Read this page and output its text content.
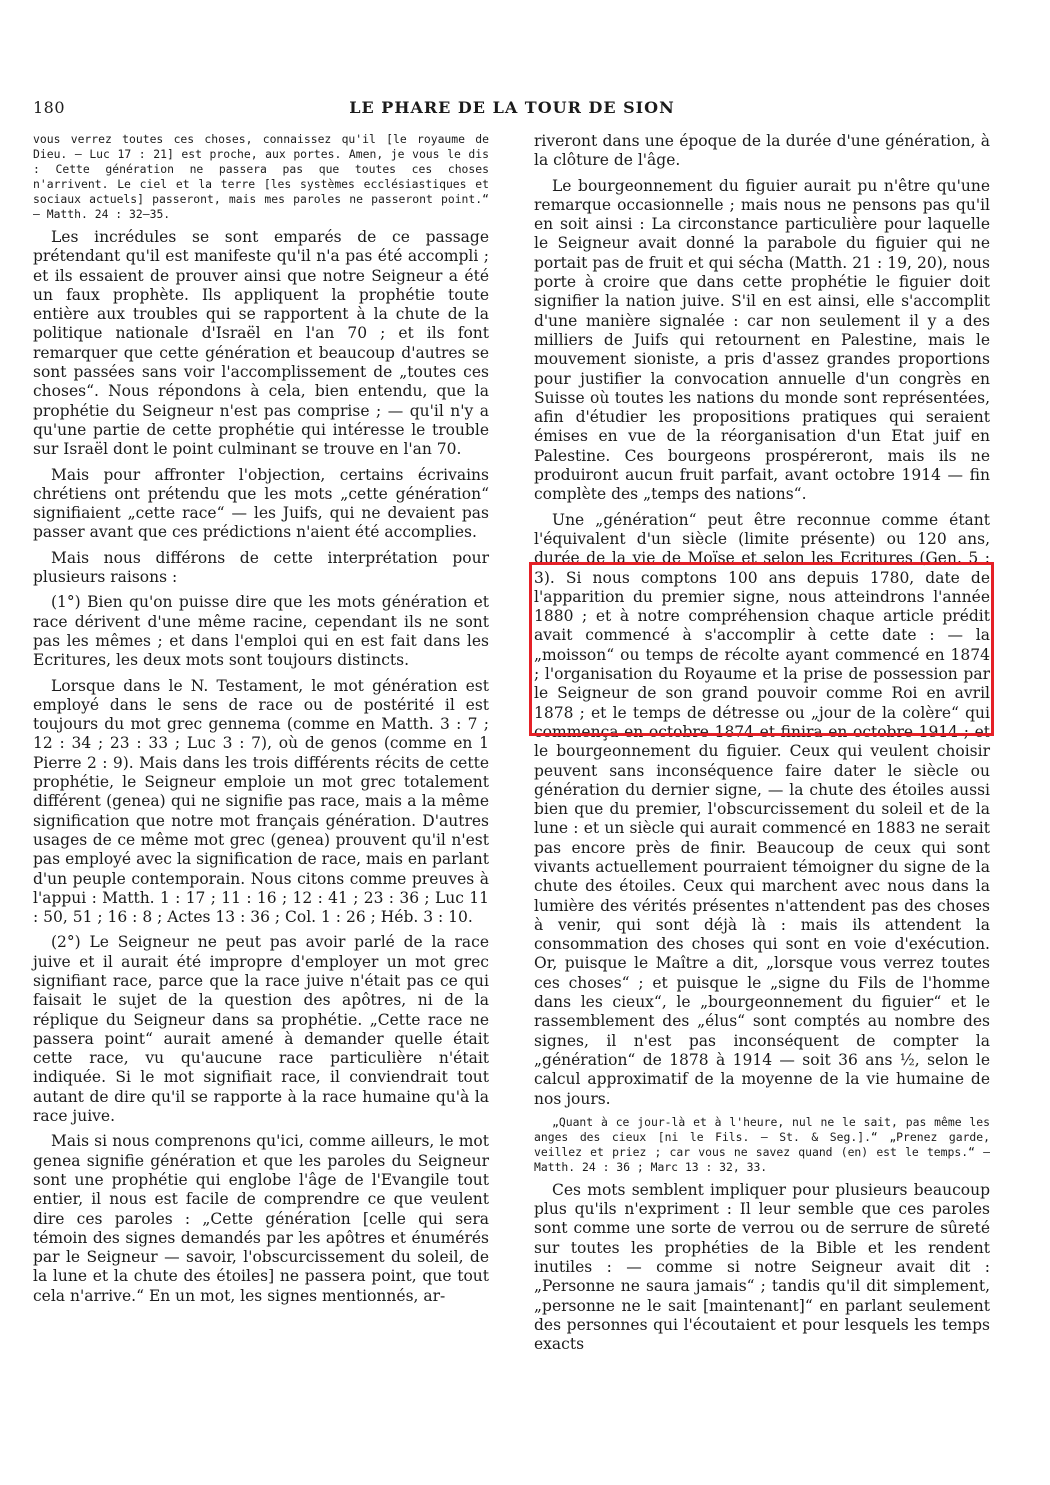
180	LE PHARE DE LA TOUR DE SION

vous verrez toutes ces choses, connaissez qu'il [le royaume de Dieu. — Luc 17 : 21] est proche, aux portes. Amen, je vous le dis : Cette génération ne passera pas que toutes ces choses n'arrivent. Le ciel et la terre [les systèmes ecclésiastiques et sociaux actuels] passeront, mais mes paroles ne passeront point.“ — Matth. 24 : 32—35.

Les incrédules se sont emparés de ce passage prétendant qu'il est manifeste qu'il n'a pas été accompli ; et ils essaient de prouver ainsi que notre Seigneur a été un faux prophète. Ils appliquent la prophétie toute entière aux troubles qui se rapportent à la chute de la politique nationale d'Israël en l'an 70 ; et ils font remarquer que cette génération et beaucoup d'autres se sont passées sans voir l'accomplissement de „toutes ces choses“. Nous répondons à cela, bien entendu, que la prophétie du Seigneur n'est pas comprise ; — qu'il n'y a qu'une partie de cette prophétie qui intéresse le trouble sur Israël dont le point culminant se trouve en l'an 70.

Mais pour affronter l'objection, certains écrivains chrétiens ont prétendu que les mots „cette génération“ signifiaient „cette race“ — les Juifs, qui ne devaient pas passer avant que ces prédictions n'aient été accomplies.

Mais nous différons de cette interprétation pour plusieurs raisons :

(1°) Bien qu'on puisse dire que les mots génération et race dérivent d'une même racine, cependant ils ne sont pas les mêmes ; et dans l'emploi qui en est fait dans les Ecritures, les deux mots sont toujours distincts.

Lorsque dans le N. Testament, le mot génération est employé dans le sens de race ou de postérité il est toujours du mot grec gennema (comme en Matth. 3 : 7 ; 12 : 34 ; 23 : 33 ; Luc 3 : 7), où de genos (comme en 1 Pierre 2 : 9). Mais dans les trois différents récits de cette prophétie, le Seigneur emploie un mot grec totalement différent (genea) qui ne signifie pas race, mais a la même signification que notre mot français génération. D'autres usages de ce même mot grec (genea) prouvent qu'il n'est pas employé avec la signification de race, mais en parlant d'un peuple contemporain. Nous citons comme preuves à l'appui : Matth. 1 : 17 ; 11 : 16 ; 12 : 41 ; 23 : 36 ; Luc 11 : 50, 51 ; 16 : 8 ; Actes 13 : 36 ; Col. 1 : 26 ; Héb. 3 : 10.

(2°) Le Seigneur ne peut pas avoir parlé de la race juive et il aurait été impropre d'employer un mot grec signifiant race, parce que la race juive n'était pas ce qui faisait le sujet de la question des apôtres, ni de la réplique du Seigneur dans sa prophétie. „Cette race ne passera point“ aurait amené à demander quelle était cette race, vu qu'aucune race particulière n'était indiquée. Si le mot signifiait race, il conviendrait tout autant de dire qu'il se rapporte à la race humaine qu'à la race juive.

Mais si nous comprenons qu'ici, comme ailleurs, le mot genea signifie génération et que les paroles du Seigneur sont une prophétie qui englobe l'âge de l'Evangile tout entier, il nous est facile de comprendre ce que veulent dire ces paroles : „Cette génération [celle qui sera témoin des signes demandés par les apôtres et énumérés par le Seigneur — savoir, l'obscurcissement du soleil, de la lune et la chute des étoiles] ne passera point, que tout cela n'arrive.“ En un mot, les signes mentionnés, ar-

riveront dans une époque de la durée d'une génération, à la clôture de l'âge.

Le bourgeonnement du figuier aurait pu n'être qu'une remarque occasionnelle ; mais nous ne pensons pas qu'il en soit ainsi : La circonstance particulière pour laquelle le Seigneur avait donné la parabole du figuier qui ne portait pas de fruit et qui sécha (Matth. 21 : 19, 20), nous porte à croire que dans cette prophétie le figuier doit signifier la nation juive. S'il en est ainsi, elle s'accomplit d'une manière signalée : car non seulement il y a des milliers de Juifs qui retournent en Palestine, mais le mouvement sioniste, a pris d'assez grandes proportions pour justifier la convocation annuelle d'un congrès en Suisse où toutes les nations du monde sont représentées, afin d'étudier les propositions pratiques qui seraient émises en vue de la réorganisation d'un Etat juif en Palestine. Ces bourgeons prospéreront, mais ils ne produiront aucun fruit parfait, avant octobre 1914 — fin complète des „temps des nations“.

Une „génération“ peut être reconnue comme étant l'équivalent d'un siècle (limite présente) ou 120 ans, durée de la vie de Moïse et selon les Ecritures (Gen. 5 : 3). Si nous comptons 100 ans depuis 1780, date de l'apparition du premier signe, nous atteindrons l'année 1880 ; et à notre compréhension chaque article prédit avait commencé à s'accomplir à cette date : — la „moisson“ ou temps de récolte ayant commencé en 1874 ; l'organisation du Royaume et la prise de possession par le Seigneur de son grand pouvoir comme Roi en avril 1878 ; et le temps de détresse ou „jour de la colère“ qui commença en octobre 1874 et finira en octobre 1914 ; et le bourgeonnement du figuier. Ceux qui veulent choisir peuvent sans inconséquence faire dater le siècle ou génération du dernier signe, — la chute des étoiles aussi bien que du premier, l'obscurcissement du soleil et de la lune : et un siècle qui aurait commencé en 1883 ne serait pas encore près de finir. Beaucoup de ceux qui sont vivants actuellement pourraient témoigner du signe de la chute des étoiles. Ceux qui marchent avec nous dans la lumière des vérités présentes n'attendent pas des choses à venir, qui sont déjà là : mais ils attendent la consommation des choses qui sont en voie d'exécution. Or, puisque le Maître a dit, „lorsque vous verrez toutes ces choses“ ; et puisque le „signe du Fils de l'homme dans les cieux“, le „bourgeonnement du figuier“ et le rassemblement des „élus“ sont comptés au nombre des signes, il n'est pas inconséquent de compter la „génération“ de 1878 à 1914 — soit 36 ans ½, selon le calcul approximatif de la moyenne de la vie humaine de nos jours.

„Quant à ce jour-là et à l'heure, nul ne le sait, pas même les anges des cieux [ni le Fils. — St. & Seg.].“ „Prenez garde, veillez et priez ; car vous ne savez quand (en) est le temps.“ — Matth. 24 : 36 ; Marc 13 : 32, 33.

Ces mots semblent impliquer pour plusieurs beaucoup plus qu'ils n'expriment : Il leur semble que ces paroles sont comme une sorte de verrou ou de serrure de sûreté sur toutes les prophéties de la Bible et les rendent inutiles : — comme si notre Seigneur avait dit : „Personne ne saura jamais“ ; tandis qu'il dit simplement, „personne ne le sait [maintenant]“ en parlant seulement des personnes qui l'écoutaient et pour lesquels les temps exacts
